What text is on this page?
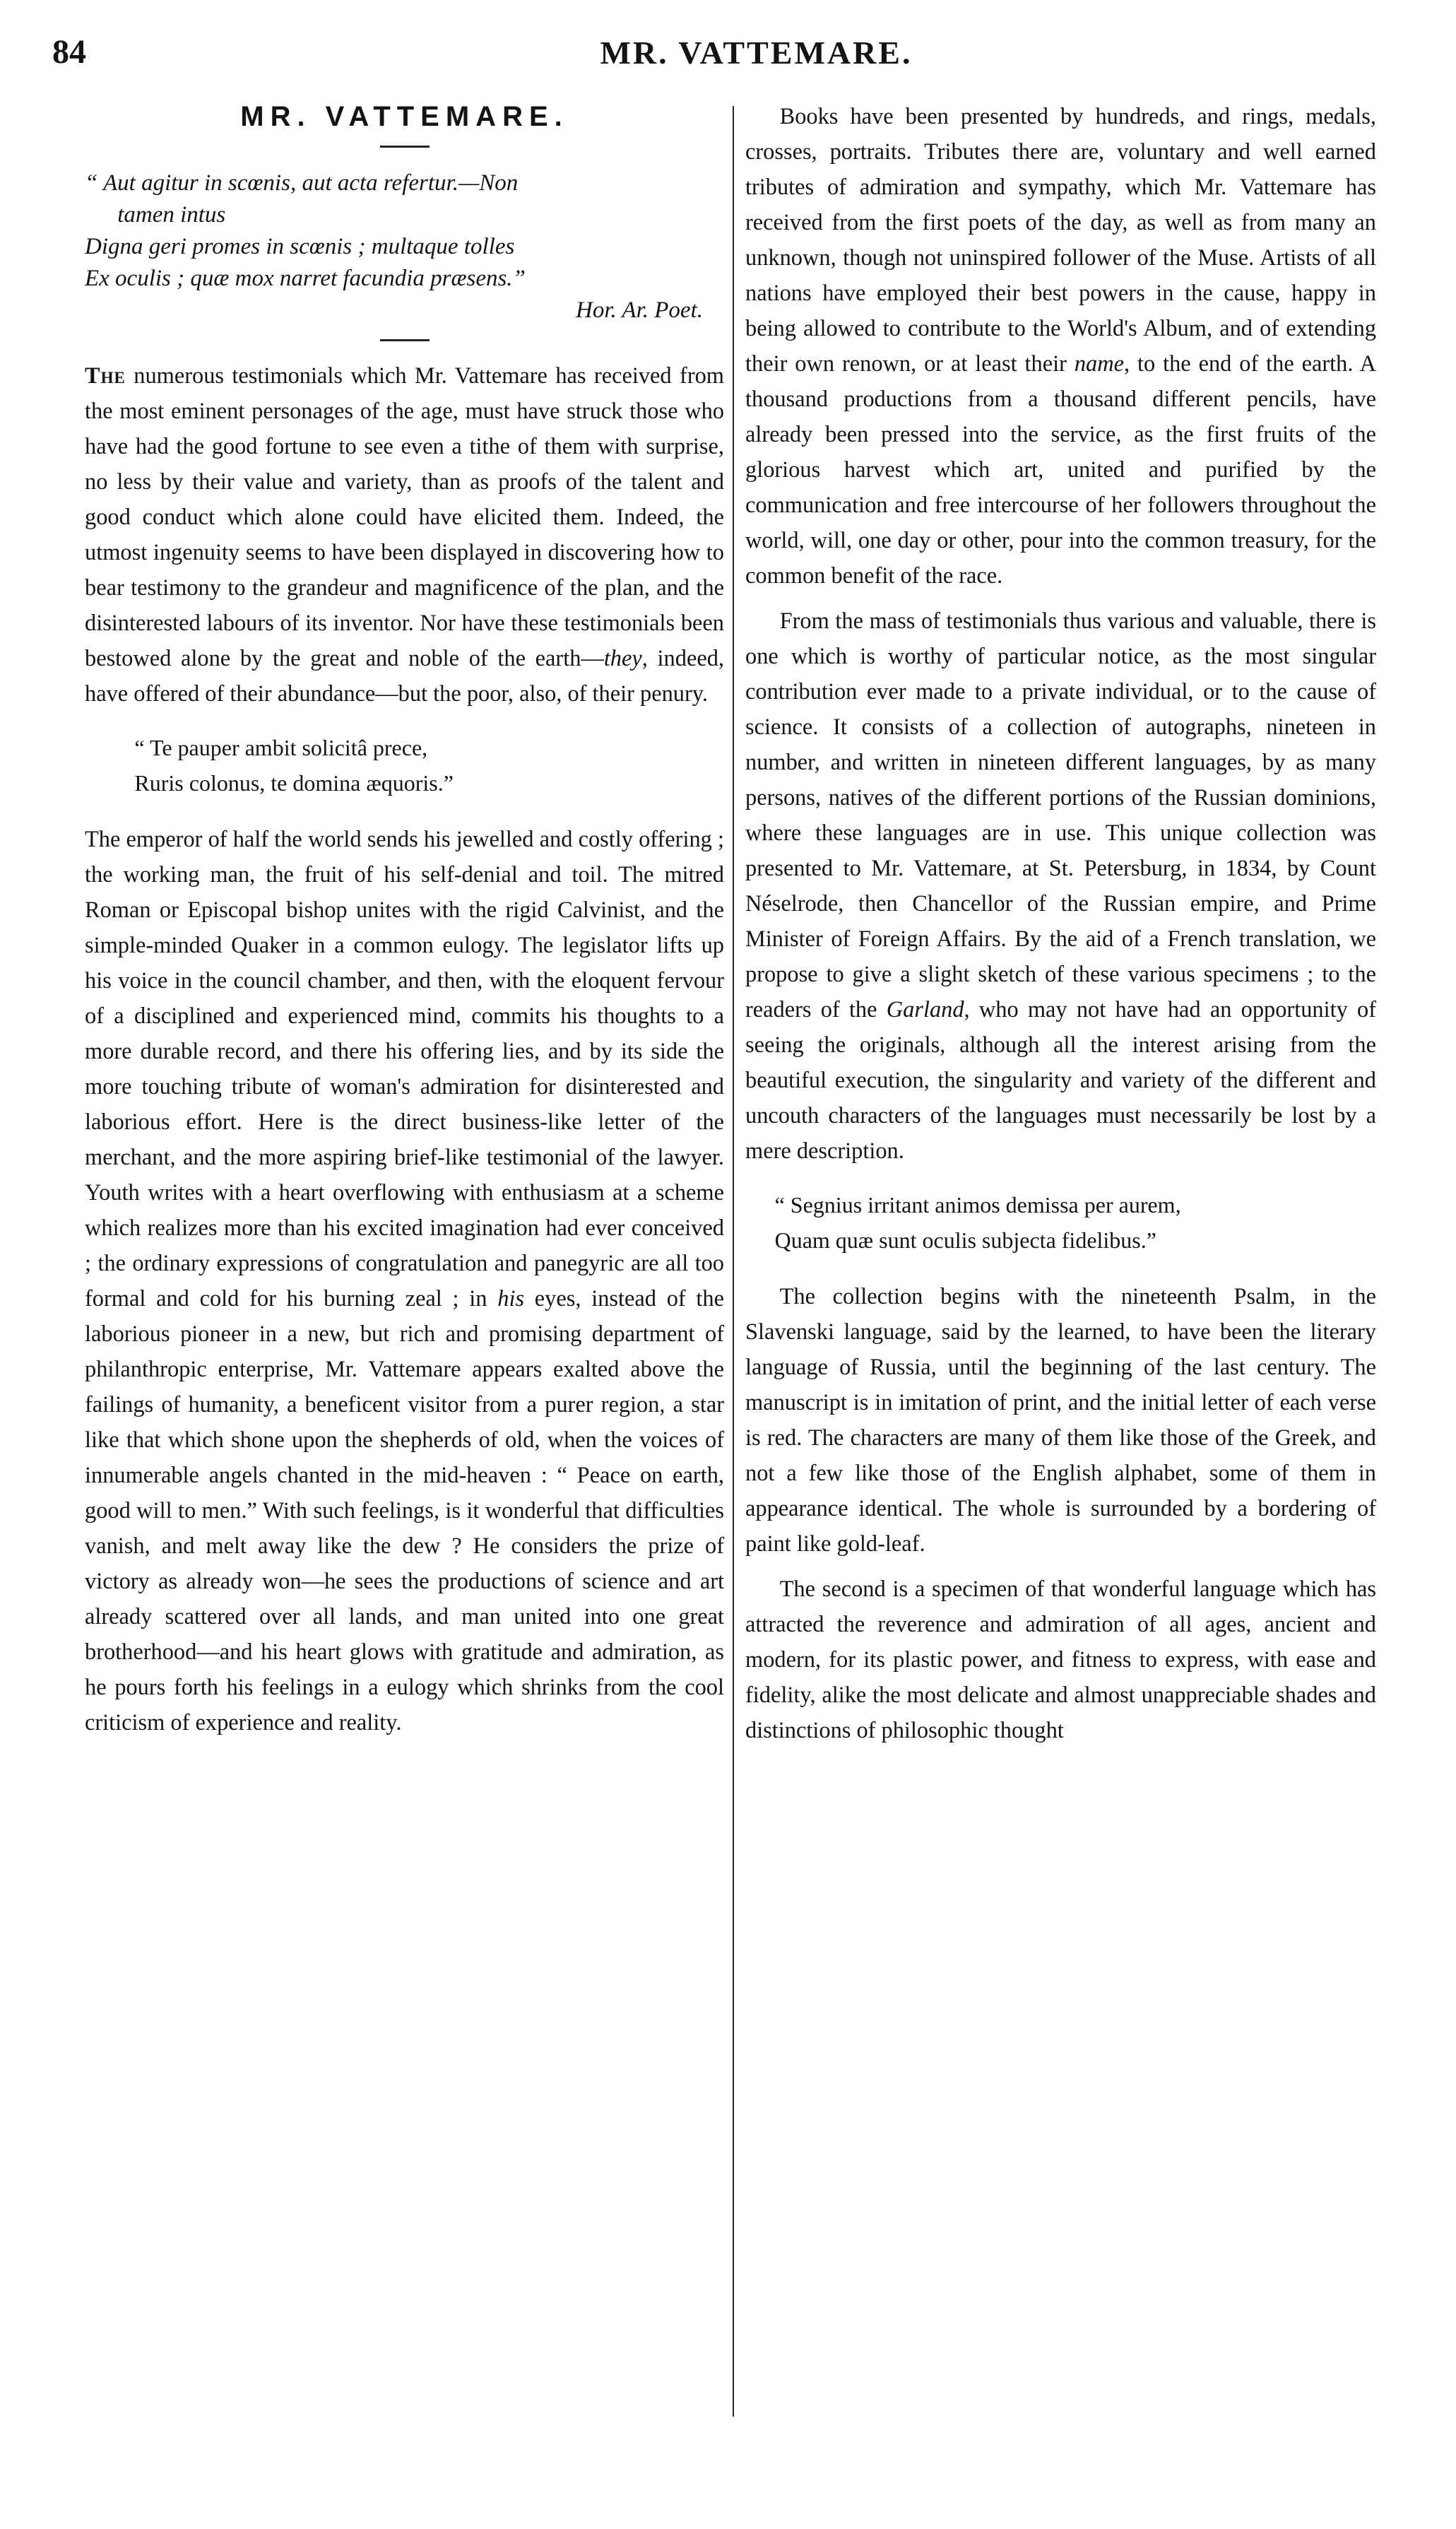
84	MR. VATTEMARE.
MR. VATTEMARE.
“ Aut agitur in scœnis, aut acta refertur.—Non
tamen intus
Digna geri promes in scœnis ; multaque tolles
Ex oculis ; quæ mox narret facundia præsens.”
Hor. Ar. Poet.

The numerous testimonials which Mr. Vattemare has received from the most eminent personages of the age, must have struck those who have had the good fortune to see even a tithe of them with surprise, no less by their value and variety, than as proofs of the talent and good conduct which alone could have elicited them. Indeed, the utmost ingenuity seems to have been displayed in discovering how to bear testimony to the grandeur and magnificence of the plan, and the disinterested labours of its inventor. Nor have these testimonials been bestowed alone by the great and noble of the earth—they, indeed, have offered of their abundance—but the poor, also, of their penury.

“ Te pauper ambit solicitâ prece,
Ruris colonus, te domina æquoris.”

The emperor of half the world sends his jewelled and costly offering ; the working man, the fruit of his self-denial and toil. The mitred Roman or Episcopal bishop unites with the rigid Calvinist, and the simple-minded Quaker in a common eulogy. The legislator lifts up his voice in the council chamber, and then, with the eloquent fervour of a disciplined and experienced mind, commits his thoughts to a more durable record, and there his offering lies, and by its side the more touching tribute of woman's admiration for disinterested and laborious effort. Here is the direct business-like letter of the merchant, and the more aspiring brief-like testimonial of the lawyer. Youth writes with a heart overflowing with enthusiasm at a scheme which realizes more than his excited imagination had ever conceived ; the ordinary expressions of congratulation and panegyric are all too formal and cold for his burning zeal ; in his eyes, instead of the laborious pioneer in a new, but rich and promising department of philanthropic enterprise, Mr. Vattemare appears exalted above the failings of humanity, a beneficent visitor from a purer region, a star like that which shone upon the shepherds of old, when the voices of innumerable angels chanted in the mid-heaven : “ Peace on earth, good will to men.” With such feelings, is it wonderful that difficulties vanish, and melt away like the dew ? He considers the prize of victory as already won—he sees the productions of science and art already scattered over all lands, and man united into one great brotherhood—and his heart glows with gratitude and admiration, as he pours forth his feelings in a eulogy which shrinks from the cool criticism of experience and reality.

Books have been presented by hundreds, and rings, medals, crosses, portraits. Tributes there are, voluntary and well earned tributes of admiration and sympathy, which Mr. Vattemare has received from the first poets of the day, as well as from many an unknown, though not uninspired follower of the Muse. Artists of all nations have employed their best powers in the cause, happy in being allowed to contribute to the World's Album, and of extending their own renown, or at least their name, to the end of the earth. A thousand productions from a thousand different pencils, have already been pressed into the service, as the first fruits of the glorious harvest which art, united and purified by the communication and free intercourse of her followers throughout the world, will, one day or other, pour into the common treasury, for the common benefit of the race.

From the mass of testimonials thus various and valuable, there is one which is worthy of particular notice, as the most singular contribution ever made to a private individual, or to the cause of science. It consists of a collection of autographs, nineteen in number, and written in nineteen different languages, by as many persons, natives of the different portions of the Russian dominions, where these languages are in use. This unique collection was presented to Mr. Vattemare, at St. Petersburg, in 1834, by Count Néselrode, then Chancellor of the Russian empire, and Prime Minister of Foreign Affairs. By the aid of a French translation, we propose to give a slight sketch of these various specimens ; to the readers of the Garland, who may not have had an opportunity of seeing the originals, although all the interest arising from the beautiful execution, the singularity and variety of the different and uncouth characters of the languages must necessarily be lost by a mere description.

“ Segnius irritant animos demissa per aurem,
Quam quæ sunt oculis subjecta fidelibus.”

The collection begins with the nineteenth Psalm, in the Slavenski language, said by the learned, to have been the literary language of Russia, until the beginning of the last century. The manuscript is in imitation of print, and the initial letter of each verse is red. The characters are many of them like those of the Greek, and not a few like those of the English alphabet, some of them in appearance identical. The whole is surrounded by a bordering of paint like gold-leaf.

The second is a specimen of that wonderful language which has attracted the reverence and admiration of all ages, ancient and modern, for its plastic power, and fitness to express, with ease and fidelity, alike the most delicate and almost unappreciable shades and distinctions of philosophic thought
